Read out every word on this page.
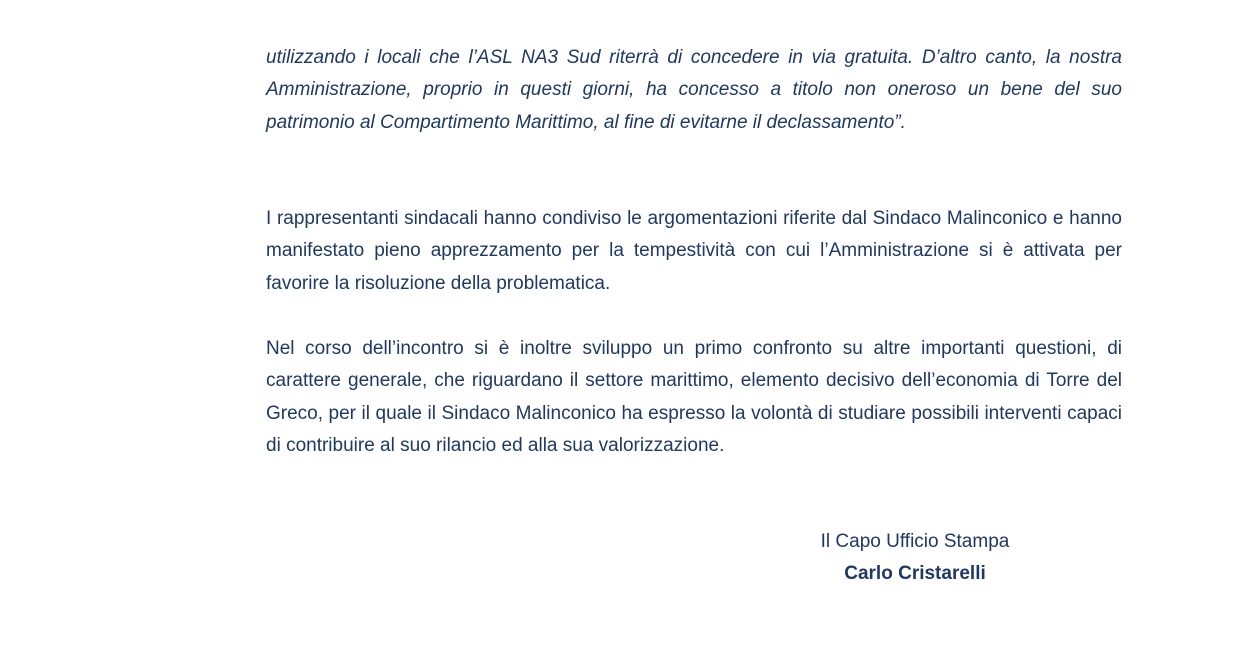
utilizzando i locali che l’ASL NA3 Sud riterrà di concedere in via gratuita. D’altro canto, la nostra Amministrazione, proprio in questi giorni, ha concesso a titolo non oneroso un bene del suo patrimonio al Compartimento Marittimo, al fine di evitarne il declassamento”.

I rappresentanti sindacali hanno condiviso le argomentazioni riferite dal Sindaco Malinconico e hanno manifestato pieno apprezzamento per la tempestività con cui l’Amministrazione si è attivata per favorire la risoluzione della problematica.

Nel corso dell’incontro si è inoltre sviluppo un primo confronto su altre importanti questioni, di carattere generale, che riguardano il settore marittimo, elemento decisivo dell’economia di Torre del Greco, per il quale il Sindaco Malinconico ha espresso la volontà di studiare possibili interventi capaci di contribuire al suo rilancio ed alla sua valorizzazione.

Il Capo Ufficio Stampa
Carlo Cristarelli
